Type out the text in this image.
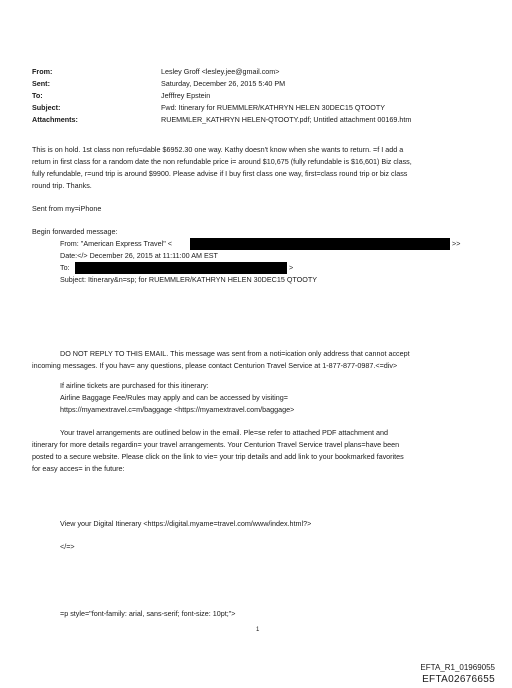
From:	Lesley Groff <lesley.jee@gmail.com>
Sent:	Saturday, December 26, 2015 5:40 PM
To:	Jefffrey Epstein
Subject:	Fwd: Itinerary for RUEMMLER/KATHRYN HELEN 30DEC15 QTOOTY
Attachments:	RUEMMLER_KATHRYN HELEN-QTOOTY.pdf; Untitled attachment 00169.htm
This is on hold. 1st class non refu=dable $6952.30 one way. Kathy doesn't know when she wants to return. =f I add a
return in first class for a random date the non refundable price i= around $10,675 (fully refundable is $16,601) Biz class,
fully refundable, r=und trip is around $9900. Please advise if I buy first class one way, first=class round trip or biz class
round trip. Thanks.
Sent from my=iPhone
Begin forwarded message:
From: "American Express Travel" <	>>
Date:</> December 26, 2015 at 11:11:00 AM EST
To:	>
Subject: Itinerary&n=sp; for RUEMMLER/KATHRYN HELEN 30DEC15 QTOOTY
DO NOT REPLY TO THIS EMAIL. This message was sent from a noti=ication only address that cannot accept
incoming messages. If you hav= any questions, please contact Centurion Travel Service at 1-877-877-0987.<=div>
If airline tickets are purchased for this itinerary:
Airline Baggage Fee/Rules may apply and can be accessed by visiting=
https://myamextravel.c=m/baggage <https://myamextravel.com/baggage>
Your travel arrangements are outlined below in the email. Ple=se refer to attached PDF attachment and
itinerary for more details regardin= your travel arrangements. Your Centurion Travel Service travel plans=have been
posted to a secure website. Please click on the link to vie= your trip details and add link to your bookmarked favorites
for easy acces= in the future:
View your Digital Itinerary <https://digital.myame=travel.com/www/index.html?>
</=>
=p style="font-family: arial, sans-serif; font-size: 10pt;">
1
EFTA_R1_01969055
EFTA02676655
